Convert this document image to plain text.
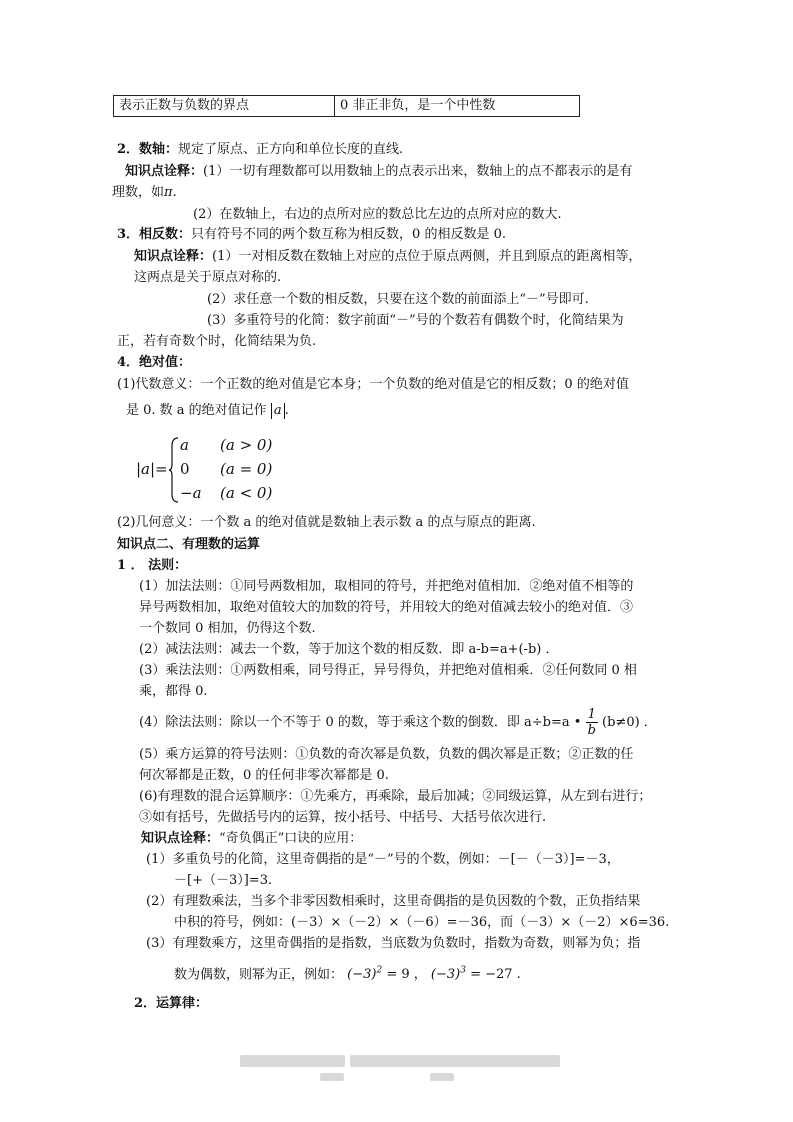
表示正数与负数的界点	0 非正非负，是一个中性数
2．数轴：规定了原点、正方向和单位长度的直线.
知识点诠释：(1）一切有理数都可以用数轴上的点表示出来，数轴上的点不都表示的是有
理数，如π.
(2）在数轴上，右边的点所对应的数总比左边的点所对应的数大.
3．相反数：只有符号不同的两个数互称为相反数，0 的相反数是 0.
知识点诠释：(1）一对相反数在数轴上对应的点位于原点两侧，并且到原点的距离相等，
这两点是关于原点对称的.
(2）求任意一个数的相反数，只要在这个数的前面添上“－”号即可.
(3）多重符号的化简：数字前面“－”号的个数若有偶数个时，化简结果为
正，若有奇数个时，化简结果为负.
4．绝对值：
(1)代数意义：一个正数的绝对值是它本身；一个负数的绝对值是它的相反数；0 的绝对值
是 0. 数 a 的绝对值记作 a .
|a|=
a (a > 0)
0 (a = 0)
−a (a < 0)
(2)几何意义：一个数 a 的绝对值就是数轴上表示数 a 的点与原点的距离.
知识点二、有理数的运算
1 ． 法则：
(1）加法法则：①同号两数相加，取相同的符号，并把绝对值相加．②绝对值不相等的
异号两数相加，取绝对值较大的加数的符号，并用较大的绝对值减去较小的绝对值．③
一个数同 0 相加，仍得这个数.
(2）减法法则：减去一个数，等于加这个数的相反数．即 a-b=a+(-b) ．
(3）乘法法则：①两数相乘，同号得正，异号得负，并把绝对值相乘．②任何数同 0 相
乘，都得 0.
(4）除法法则：除以一个不等于 0 的数，等于乘这个数的倒数．即 a÷b=a • $\frac{1}{b} (b\ne 0)$ ．
(5）乘方运算的符号法则：①负数的奇次幂是负数，负数的偶次幂是正数；②正数的任
何次幂都是正数，0 的任何非零次幂都是 0.
(6)有理数的混合运算顺序：①先乘方，再乘除，最后加减；②同级运算，从左到右进行；
③如有括号，先做括号内的运算，按小括号、中括号、大括号依次进行.
知识点诠释：“奇负偶正”口诀的应用：
(1）多重负号的化简，这里奇偶指的是“－”号的个数，例如：－[－（－3）]=－3，
－[+（－3）]=3.
(2）有理数乘法，当多个非零因数相乘时，这里奇偶指的是负因数的个数，正负指结果
中积的符号，例如：(－3）×（－2）×（－6）=－36，而（－3）×（－2）×6=36.
(3）有理数乘方，这里奇偶指的是指数，当底数为负数时，指数为奇数，则幂为负；指
数为偶数，则幂为正，例如： $(-3)^2 = 9$ ， $(-3)^3 = -27$ .
2．运算律：
